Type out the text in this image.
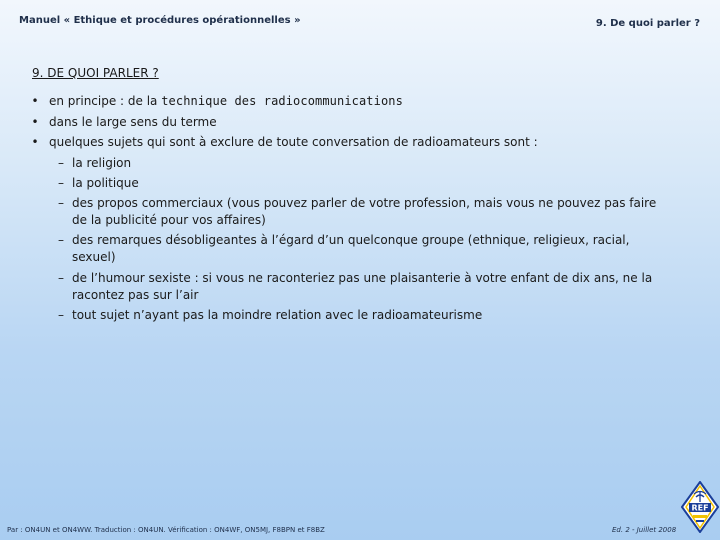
Manuel « Ethique et procédures opérationnelles »	9. De quoi parler ?
9. DE QUOI PARLER ?
• en principe : de la technique des radiocommunications
• dans le large sens du terme
• quelques sujets qui sont à exclure de toute conversation de radioamateurs sont :
– la religion
– la politique
– des propos commerciaux (vous pouvez parler de votre profession, mais vous ne pouvez pas faire de la publicité pour vos affaires)
– des remarques désobligeantes à l’égard d’un quelconque groupe (ethnique, religieux, racial, sexuel)
– de l’humour sexiste : si vous ne raconteriez pas une plaisanterie à votre enfant de dix ans, ne la racontez pas sur l’air
– tout sujet n’ayant pas la moindre relation avec le radioamateurisme
Par : ON4UN et ON4WW. Traduction : ON4UN. Vérification : ON4WF, ON5MJ, F8BPN et F8BZ	Ed. 2 - Juillet 2008
REF
